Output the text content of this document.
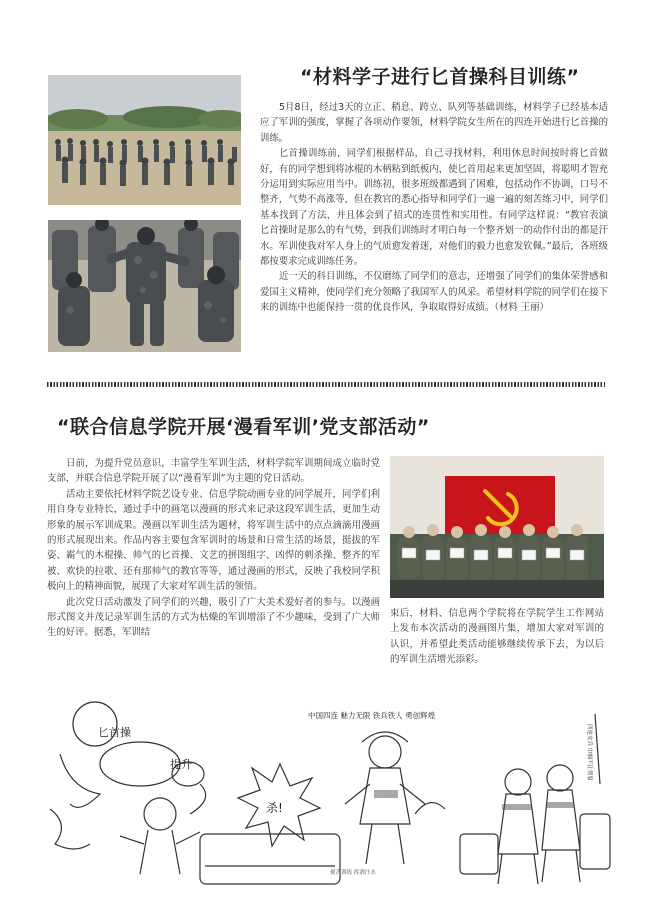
“材料学子进行匕首操科目训练”

5月8日，经过3天的立正、稍息、跨立、队列等基础训练，材料学子已经基本适应了军训的强度，掌握了各项动作要领，材料学院女生所在的四连开始进行匕首操的训练。

匕首操训练前，同学们根据样品，自己寻找材料，利用休息时间按时将匕首做好，有的同学想到将冰棍的木柄粘到纸板内，使匕首用起来更加坚固，将聪明才智充分运用到实际应用当中。训练初，很多班级都遇到了困难，包括动作不协调，口号不整齐，气势不高涨等，但在教官的悉心指导和同学们一遍一遍的刻苦练习中，同学们基本找到了方法，并且体会到了招式的连贯性和实用性。有同学这样说：“教官表演匕首操时是那么的有气势，到我们训练时才明白每一个整齐划一的动作付出的都是汗水。军训使我对军人身上的气质愈发着迷，对他们的毅力也愈发钦佩。”最后，各班级都按要求完成训练任务。

近一天的科目训练，不仅磨练了同学们的意志，还增强了同学们的集体荣誉感和爱国主义精神，使同学们充分领略了我国军人的风采。希望材料学院的同学们在接下来的训练中也能保持一贯的优良作风，争取取得好成绩。（材料 王丽）

“联合信息学院开展‘漫看军训’党支部活动”

日前，为提升党员意识，丰富学生军训生活，材料学院军训期间成立临时党支部，并联合信息学院开展了以“漫看军训”为主题的党日活动。

活动主要依托材料学院艺设专业、信息学院动画专业的同学展开，同学们利用自身专业特长，通过手中的画笔以漫画的形式来记录这段军训生活，更加生动形象的展示军训成果。漫画以军训生活为题材，将军训生活中的点点滴滴用漫画的形式展现出来。作品内容主要包含军训时的场景和日常生活的场景，挺拔的军姿、霸气的木棍操、帅气的匕首操、文艺的拼图组字、凶悍的刺杀操、整齐的军被、欢快的拉歌、还有那帅气的教官等等，通过漫画的形式，反映了我校同学积极向上的精神面貌，展现了大家对军训生活的领悟。

此次党日活动激发了同学们的兴趣，吸引了广大美术爱好者的参与。以漫画形式图文并茂记录军训生活的方式为枯燥的军训增添了不少趣味，受到了广大师生的好评。据悉，军训结

束后，材料、信息两个学院将在学院学生工作网站上发布本次活动的漫画图片集，增加大家对军训的认识，并希望此类活动能够继续传承下去，为以后的军训生活增光添彩。

匕首操
提升
中国四连 魅力无限 铁兵铁人 勇创辉煌
杀!
刻苦训练 挥洒汗水
四连女兵 巾帼不让须眉
